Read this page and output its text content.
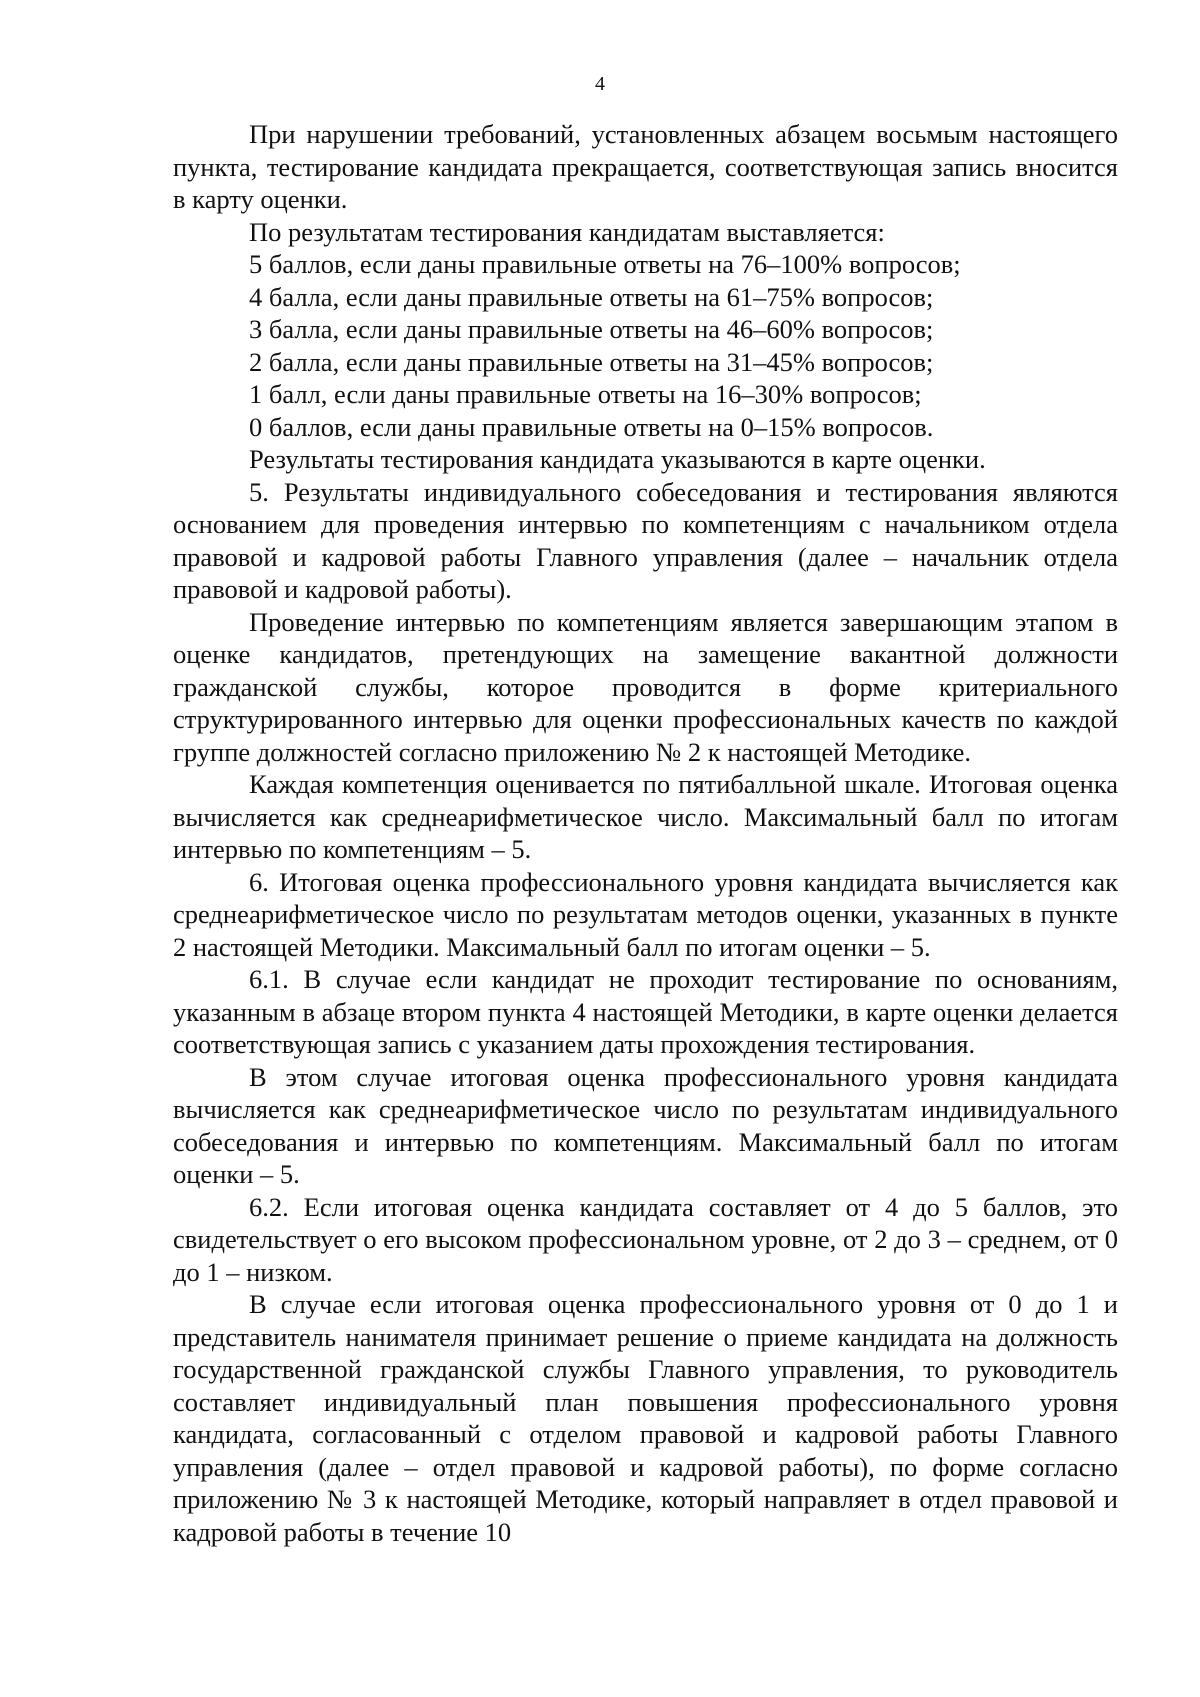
4

При нарушении требований, установленных абзацем восьмым настоящего пункта, тестирование кандидата прекращается, соответствующая запись вносится в карту оценки.

По результатам тестирования кандидатам выставляется:

5 баллов, если даны правильные ответы на 76–100% вопросов;

4 балла, если даны правильные ответы на 61–75% вопросов;

3 балла, если даны правильные ответы на 46–60% вопросов;

2 балла, если даны правильные ответы на 31–45% вопросов;

1 балл, если даны правильные ответы на 16–30% вопросов;

0 баллов, если даны правильные ответы на 0–15% вопросов.

Результаты тестирования кандидата указываются в карте оценки.

5. Результаты индивидуального собеседования и тестирования являются основанием для проведения интервью по компетенциям с начальником отдела правовой и кадровой работы Главного управления (далее – начальник отдела правовой и кадровой работы).

Проведение интервью по компетенциям является завершающим этапом в оценке кандидатов, претендующих на замещение вакантной должности гражданской службы, которое проводится в форме критериального структурированного интервью для оценки профессиональных качеств по каждой группе должностей согласно приложению № 2 к настоящей Методике.

Каждая компетенция оценивается по пятибалльной шкале. Итоговая оценка вычисляется как среднеарифметическое число. Максимальный балл по итогам интервью по компетенциям – 5.

6. Итоговая оценка профессионального уровня кандидата вычисляется как среднеарифметическое число по результатам методов оценки, указанных в пункте 2 настоящей Методики. Максимальный балл по итогам оценки – 5.

6.1. В случае если кандидат не проходит тестирование по основаниям, указанным в абзаце втором пункта 4 настоящей Методики, в карте оценки делается соответствующая запись с указанием даты прохождения тестирования.

В этом случае итоговая оценка профессионального уровня кандидата вычисляется как среднеарифметическое число по результатам индивидуального собеседования и интервью по компетенциям. Максимальный балл по итогам оценки – 5.

6.2. Если итоговая оценка кандидата составляет от 4 до 5 баллов, это свидетельствует о его высоком профессиональном уровне, от 2 до 3 – среднем, от 0 до 1 – низком.

В случае если итоговая оценка профессионального уровня от 0 до 1 и представитель нанимателя принимает решение о приеме кандидата на должность государственной гражданской службы Главного управления, то руководитель составляет индивидуальный план повышения профессионального уровня кандидата, согласованный с отделом правовой и кадровой работы Главного управления (далее – отдел правовой и кадровой работы), по форме согласно приложению № 3 к настоящей Методике, который направляет в отдел правовой и кадровой работы в течение 10
